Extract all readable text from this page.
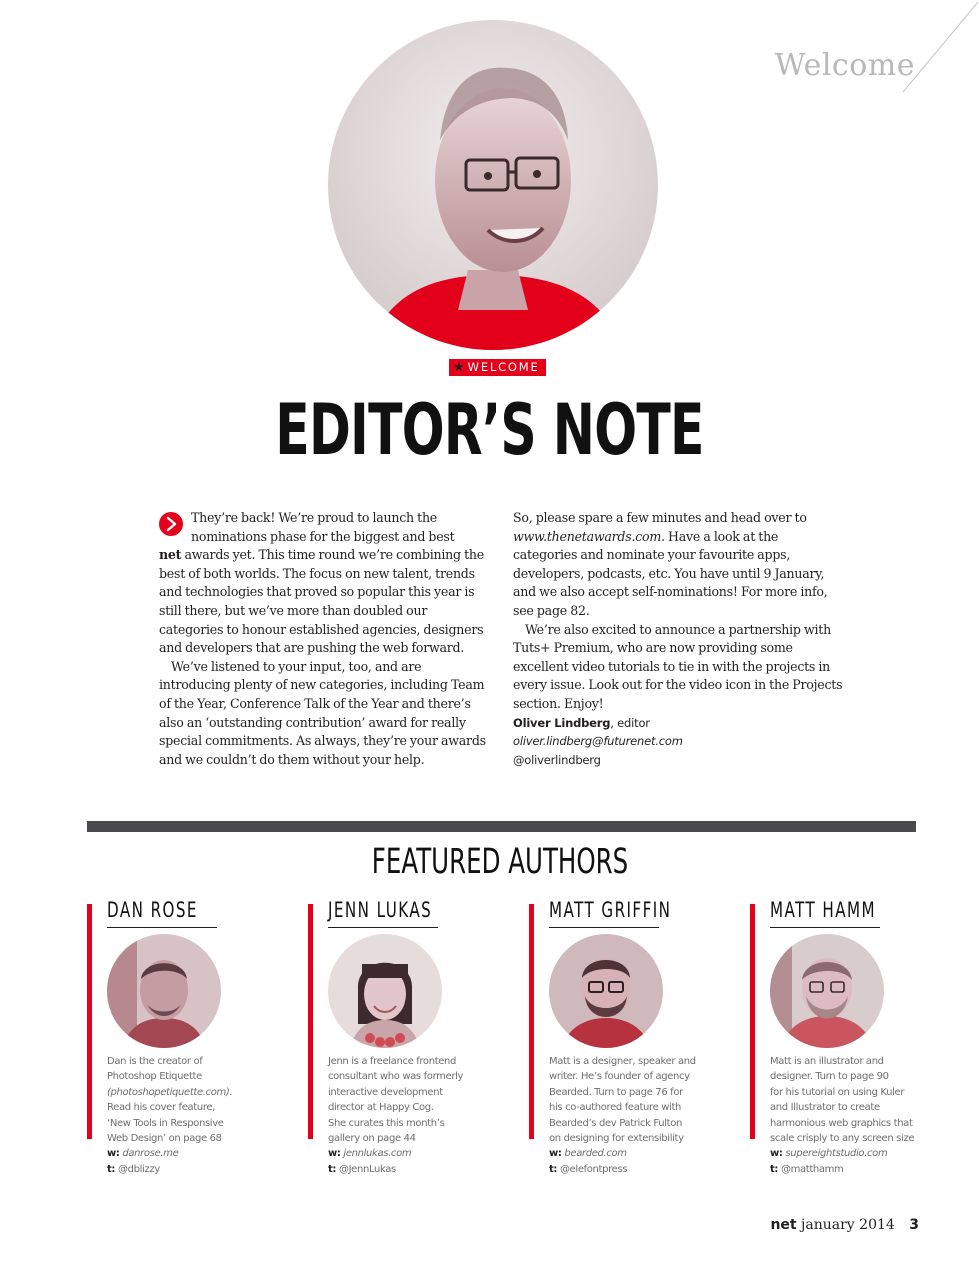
Welcome
★ WELCOME
EDITOR’S NOTE

They’re back! We’re proud to launch the
nominations phase for the biggest and best
net awards yet. This time round we’re combining the best of both worlds. The focus on new talent, trends and technologies that proved so popular this year is still there, but we’ve more than doubled our categories to honour established agencies, designers and developers that are pushing the web forward.

We’ve listened to your input, too, and are introducing plenty of new categories, including Team of the Year, Conference Talk of the Year and there’s also an ‘outstanding contribution’ award for really special commitments. As always, they’re your awards and we couldn’t do them without your help.

So, please spare a few minutes and head over to
www.thenetawards.com. Have a look at the categories and nominate your favourite apps, developers, podcasts, etc. You have until 9 January, and we also accept self-nominations! For more info, see page 82.

We’re also excited to announce a partnership with Tuts+ Premium, who are now providing some excellent video tutorials to tie in with the projects in every issue. Look out for the video icon in the Projects section. Enjoy!

Oliver Lindberg, editor
oliver.lindberg@futurenet.com
@oliverlindberg
FEATURED AUTHORS
DAN ROSE
Dan is the creator of
Photoshop Etiquette
(photoshopetiquette.com).
Read his cover feature,
‘New Tools in Responsive
Web Design’ on page 68
w: danrose.me
t: @dblizzy
JENN LUKAS
Jenn is a freelance frontend
consultant who was formerly
interactive development
director at Happy Cog.
She curates this month’s
gallery on page 44
w: jennlukas.com
t: @JennLukas
MATT GRIFFIN
Matt is a designer, speaker and
writer. He’s founder of agency
Bearded. Turn to page 76 for
his co-authored feature with
Bearded’s dev Patrick Fulton
on designing for extensibility
w: bearded.com
t: @elefontpress
MATT HAMM
Matt is an illustrator and
designer. Turn to page 90
for his tutorial on using Kuler
and Illustrator to create
harmonious web graphics that
scale crisply to any screen size
w: supereightstudio.com
t: @matthamm
net january 2014 3
